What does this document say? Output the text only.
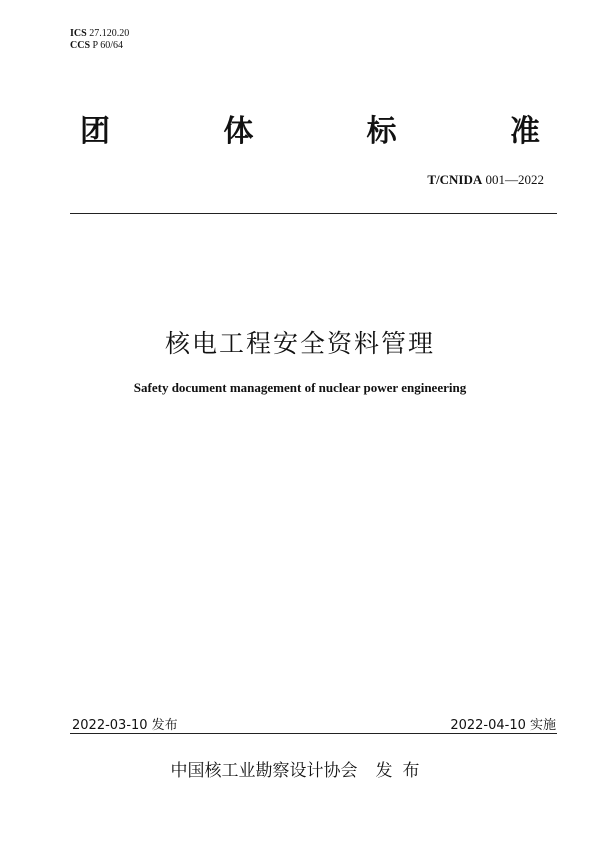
ICS 27.120.20
CCS P 60/64
团	体	标	准
T/CNIDA 001—2022
核电工程安全资料管理
Safety document management of nuclear power engineering
2022-03-10 发布	2022-04-10 实施
中国核工业勘察设计协会 发布
